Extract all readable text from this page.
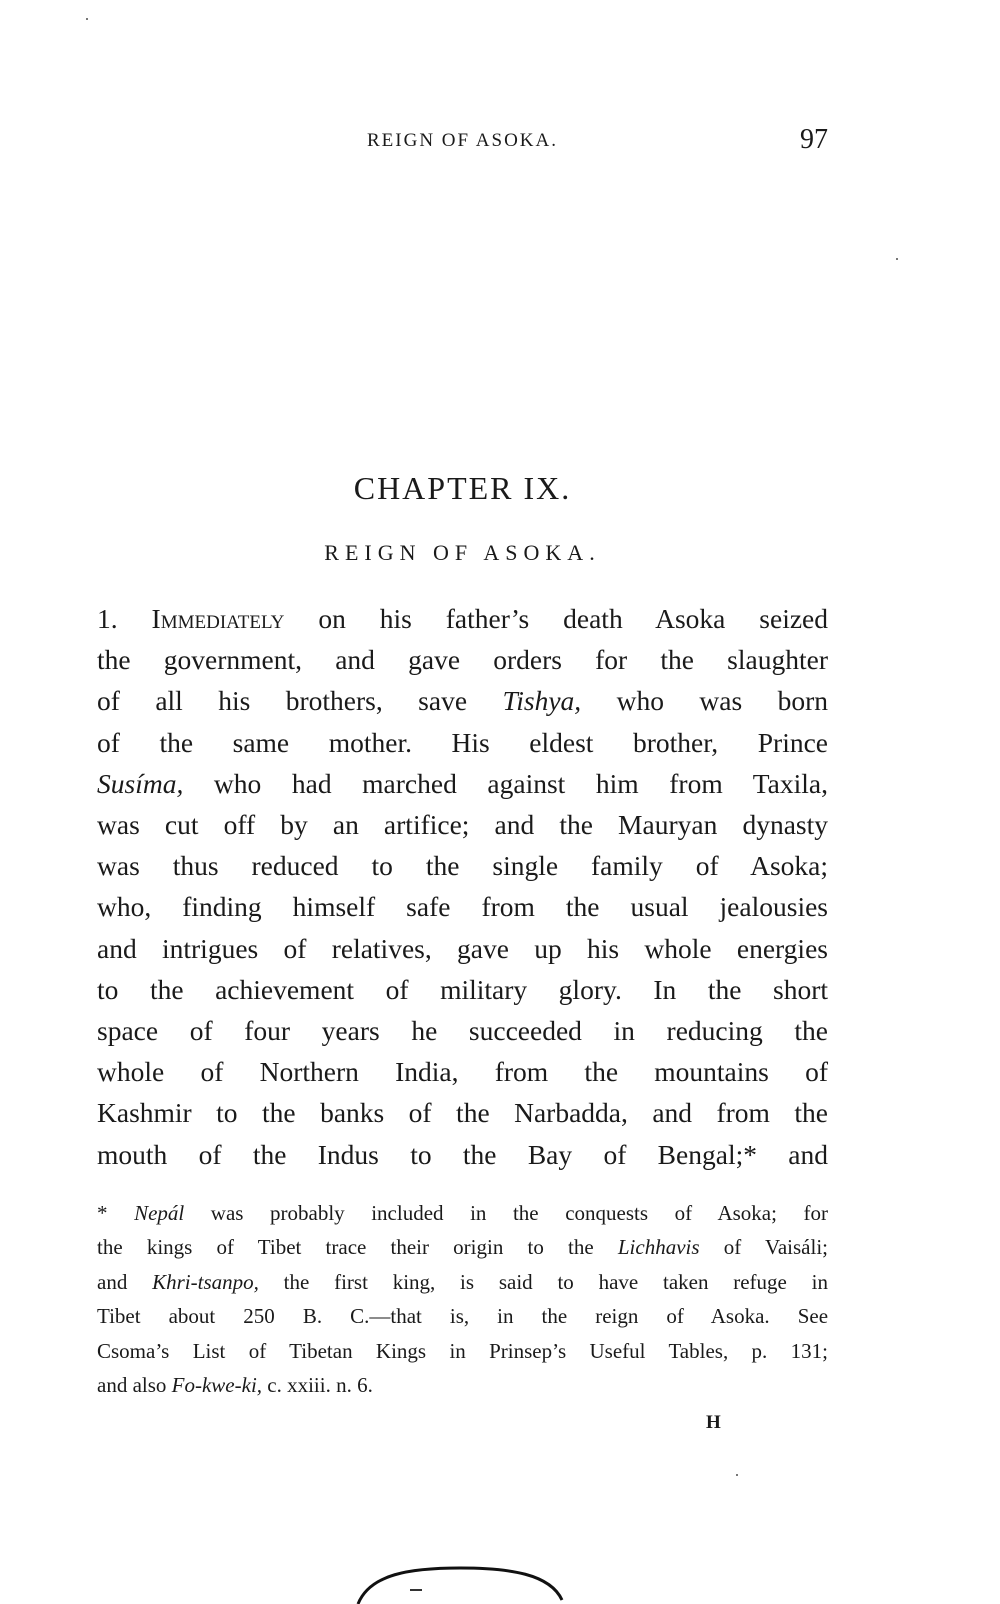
REIGN OF ASOKA.	97
CHAPTER IX.
REIGN OF ASOKA.
1. Immediately on his father’s death Asoka seized
the government, and gave orders for the slaughter
of all his brothers, save Tishya, who was born
of the same mother. His eldest brother, Prince
Susíma, who had marched against him from Taxila,
was cut off by an artifice; and the Mauryan dynasty
was thus reduced to the single family of Asoka;
who, finding himself safe from the usual jealousies
and intrigues of relatives, gave up his whole energies
to the achievement of military glory. In the short
space of four years he succeeded in reducing the
whole of Northern India, from the mountains of
Kashmir to the banks of the Narbadda, and from the
mouth of the Indus to the Bay of Bengal;* and
* Nepál was probably included in the conquests of Asoka; for
the kings of Tibet trace their origin to the Lichhavis of Vaisáli;
and Khri-tsanpo, the first king, is said to have taken refuge in
Tibet about 250 B. C.—that is, in the reign of Asoka. See
Csoma’s List of Tibetan Kings in Prinsep’s Useful Tables, p. 131;
and also Fo-kwe-ki, c. xxiii. n. 6.
H
